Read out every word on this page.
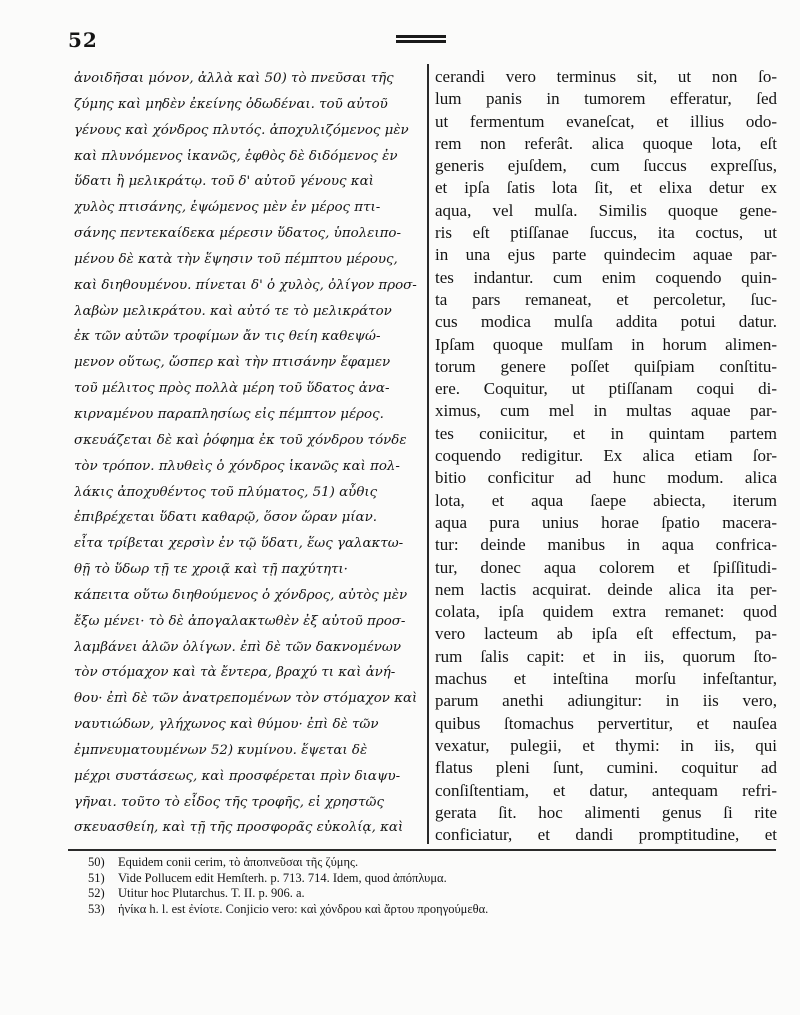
52
ἀνοιδῆσαι μόνον, ἀλλὰ καὶ 50) τὸ πνεῦσαι τῆς
ζύμης καὶ μηδὲν ἐκείνης ὀδωδέναι. τοῦ αὐτοῦ
γένους καὶ χόνδρος πλυτός. ἀποχυλιζόμενος μὲν
καὶ πλυνόμενος ἱκανῶς, ἑφθὸς δὲ διδόμενος ἐν
ὕδατι ἢ μελικράτῳ. τοῦ δ' αὐτοῦ γένους καὶ
χυλὸς πτισάνης, ἑψώμενος μὲν ἐν μέρος πτι-
σάνης πεντεκαίδεκα μέρεσιν ὕδατος, ὑπολειπο-
μένου δὲ κατὰ τὴν ἕψησιν τοῦ πέμπτου μέρους,
καὶ διηθουμένου. πίνεται δ' ὁ χυλὸς, ὀλίγον προσ-
λαβὼν μελικράτου. καὶ αὐτό τε τὸ μελικράτον
ἐκ τῶν αὐτῶν τροφίμων ἄν τις θείη καθεψώ-
μενον οὕτως, ὥσπερ καὶ τὴν πτισάνην ἔφαμεν
τοῦ μέλιτος πρὸς πολλὰ μέρη τοῦ ὕδατος ἀνα-
κιρναμένου παραπλησίως εἰς πέμπτον μέρος.
σκευάζεται δὲ καὶ ῥόφημα ἐκ τοῦ χόνδρου τόνδε
τὸν τρόπον. πλυθεὶς ὁ χόνδρος ἱκανῶς καὶ πολ-
λάκις ἀποχυθέντος τοῦ πλύματος, 51) αὖθις
ἐπιβρέχεται ὕδατι καθαρῷ, ὅσον ὥραν μίαν.
εἶτα τρίβεται χερσὶν ἐν τῷ ὕδατι, ἕως γαλακτω-
θῇ τὸ ὕδωρ τῇ τε χροιᾷ καὶ τῇ παχύτητι·
κάπειτα οὕτω διηθούμενος ὁ χόνδρος, αὐτὸς μὲν
ἔξω μένει· τὸ δὲ ἀπογαλακτωθὲν ἐξ αὐτοῦ προσ-
λαμβάνει ἁλῶν ὀλίγων. ἐπὶ δὲ τῶν δακνομένων
τὸν στόμαχον καὶ τὰ ἔντερα, βραχύ τι καὶ ἀνή-
θου· ἐπὶ δὲ τῶν ἀνατρεπομένων τὸν στόμαχον καὶ
ναυτιώδων, γλήχωνος καὶ θύμου· ἐπὶ δὲ τῶν
ἐμπνευματουμένων 52) κυμίνου. ἕψεται δὲ
μέχρι συστάσεως, καὶ προσφέρεται πρὶν διαψυ-
γῆναι. τοῦτο τὸ εἶδος τῆς τροφῆς, εἰ χρηστῶς
σκευασθείη, καὶ τῇ τῆς προσφορᾶς εὐκολίᾳ, καὶ
cerandi vero terminus sit, ut non ſo-
lum panis in tumorem efferatur, ſed
ut fermentum evaneſcat, et illius odo-
rem non referât. alica quoque lota, eſt
generis ejuſdem, cum ſuccus expreſſus,
et ipſa ſatis lota ſit, et elixa detur ex
aqua, vel mulſa. Similis quoque gene-
ris eſt ptiſſanae ſuccus, ita coctus, ut
in una ejus parte quindecim aquae par-
tes indantur. cum enim coquendo quin-
ta pars remaneat, et percoletur, ſuc-
cus modica mulſa addita potui datur.
Ipſam quoque mulſam in horum alimen-
torum genere poſſet quiſpiam conſtitu-
ere. Coquitur, ut ptiſſanam coqui di-
ximus, cum mel in multas aquae par-
tes coniicitur, et in quintam partem
coquendo redigitur. Ex alica etiam ſor-
bitio conficitur ad hunc modum. alica
lota, et aqua ſaepe abiecta, iterum
aqua pura unius horae ſpatio macera-
tur: deinde manibus in aqua confrica-
tur, donec aqua colorem et ſpiſſitudi-
nem lactis acquirat. deinde alica ita per-
colata, ipſa quidem extra remanet: quod
vero lacteum ab ipſa eſt effectum, pa-
rum ſalis capit: et in iis, quorum ſto-
machus et inteſtina morſu infeſtantur,
parum anethi adiungitur: in iis vero,
quibus ſtomachus pervertitur, et nauſea
vexatur, pulegii, et thymi: in iis, qui
flatus pleni ſunt, cumini. coquitur ad
conſiſtentiam, et datur, antequam refri-
gerata ſit. hoc alimenti genus ſi rite
conficiatur, et dandi promptitudine, et
50) Equidem conii cerim, τὸ ἀποπνεῦσαι τῆς ζύμης.
51) Vide Pollucem edit Hemſterh. p. 713. 714. Idem, quod ἀπόπλυμα.
52) Utitur hoc Plutarchus. T. II. p. 906. a.
53) ἡνίκα h. l. est ἐνίοτε. Conjicio vero: καὶ χόνδρου καὶ ἄρτου προηγούμεθα.
